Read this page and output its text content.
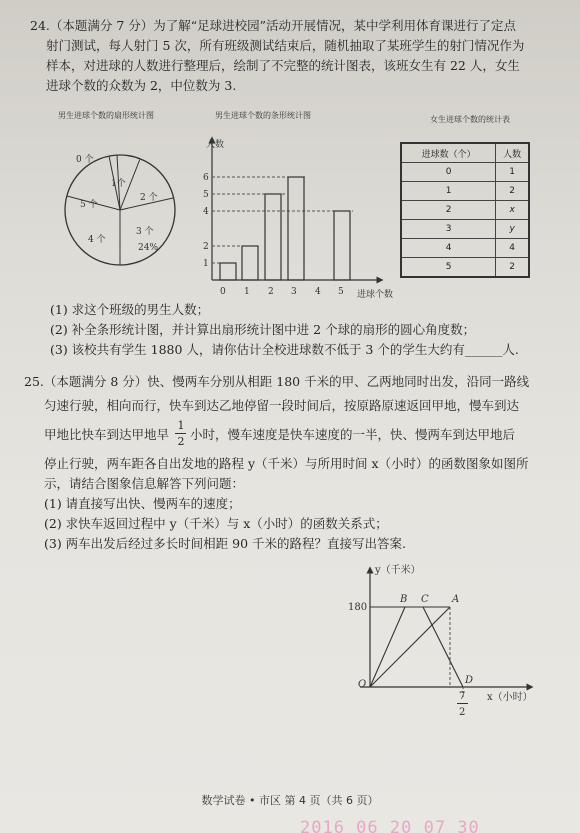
24.（本题满分 7 分）为了解“足球进校园”活动开展情况，某中学利用体育课进行了定点
射门测试，每人射门 5 次，所有班级测试结束后，随机抽取了某班学生的射门情况作为
样本，对进球的人数进行整理后，绘制了不完整的统计图表，该班女生有 22 人，女生
进球个数的众数为 2，中位数为 3.
男生进球个数的扇形统计图	男生进球个数的条形统计图	女生进球个数的统计表
0 个
1个
2 个
3 个
24%
4 个
5 个
人数
1
2
4
5
6
0 1 2 3 4 5 进球个数
进球数（个）	人数
0	1
1	2
2	x
3	y
4	4
5	2
(1) 求这个班级的男生人数；
(2) 补全条形统计图，并计算出扇形统计图中进 2 个球的扇形的圆心角度数；
(3) 该校共有学生 1880 人，请你估计全校进球数不低于 3 个的学生大约有______人.
25.（本题满分 8 分）快、慢两车分别从相距 180 千米的甲、乙两地同时出发，沿同一路线
匀速行驶，相向而行，快车到达乙地停留一段时间后，按原路原速返回甲地，慢车到达
甲地比快车到达甲地早
1
2 小时，慢车速度是快车速度的一半，快、慢两车到达甲地后
停止行驶，两车距各自出发地的路程 y（千米）与所用时间 x（小时）的函数图象如图所
示，请结合图象信息解答下列问题：
(1) 请直接写出快、慢两车的速度；
(2) 求快车返回过程中 y（千米）与 x（小时）的函数关系式；
(3) 两车出发后经过多长时间相距 90 千米的路程？直接写出答案.
y（千米）
180
B C A
O	D
7
2
x（小时）
数学试卷 • 市区 第 4 页（共 6 页）
2016 06 20 07 30
